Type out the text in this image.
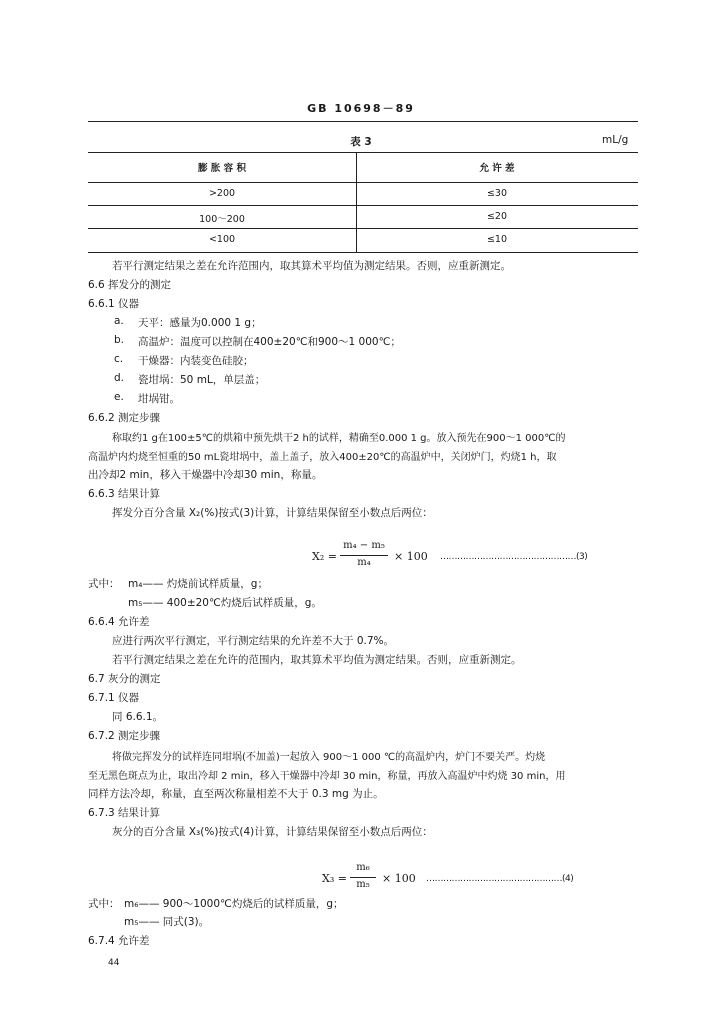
GB 10698－89
表 3	mL/g
膨 胀 容 积	允 许 差
>200	≤30
100～200	≤20
<100	≤10
若平行测定结果之差在允许范围内，取其算术平均值为测定结果。否则，应重新测定。
6.6 挥发分的测定
6.6.1 仪器
a. 天平：感量为0.000 1 g；
b. 高温炉：温度可以控制在400±20℃和900～1 000℃；
c. 干燥器：内装变色硅胶；
d. 瓷坩埚：50 mL，单层盖；
e. 坩埚钳。
6.6.2 测定步骤
称取约1 g在100±5℃的烘箱中预先烘干2 h的试样，精确至0.000 1 g。放入预先在900～1 000℃的
高温炉内灼烧至恒重的50 mL瓷坩埚中，盖上盖子，放入400±20℃的高温炉中，关闭炉门，灼烧1 h，取
出冷却2 min，移入干燥器中冷却30 min，称量。
6.6.3 结果计算
挥发分百分含量 X₂(%)按式(3)计算，计算结果保留至小数点后两位：
X₂ =
m₄ − m₅
m₄	× 100 …………………………………………(3)
式中： m₄—— 灼烧前试样质量，g；
m₅—— 400±20℃灼烧后试样质量，g。
6.6.4 允许差
应进行两次平行测定，平行测定结果的允许差不大于 0.7%。
若平行测定结果之差在允许的范围内，取其算术平均值为测定结果。否则，应重新测定。
6.7 灰分的测定
6.7.1 仪器
同 6.6.1。
6.7.2 测定步骤
将做完挥发分的试样连同坩埚(不加盖)一起放入 900～1 000 ℃的高温炉内，炉门不要关严。灼烧
至无黑色斑点为止，取出冷却 2 min，移入干燥器中冷却 30 min，称量，再放入高温炉中灼烧 30 min，用
同样方法冷却，称量，直至两次称量相差不大于 0.3 mg 为止。
6.7.3 结果计算
灰分的百分含量 X₃(%)按式(4)计算，计算结果保留至小数点后两位：
X₃ =
m₆
m₅	× 100 …………………………………………(4)
式中： m₆—— 900～1000℃灼烧后的试样质量，g；
m₅—— 同式(3)。
6.7.4 允许差
44
